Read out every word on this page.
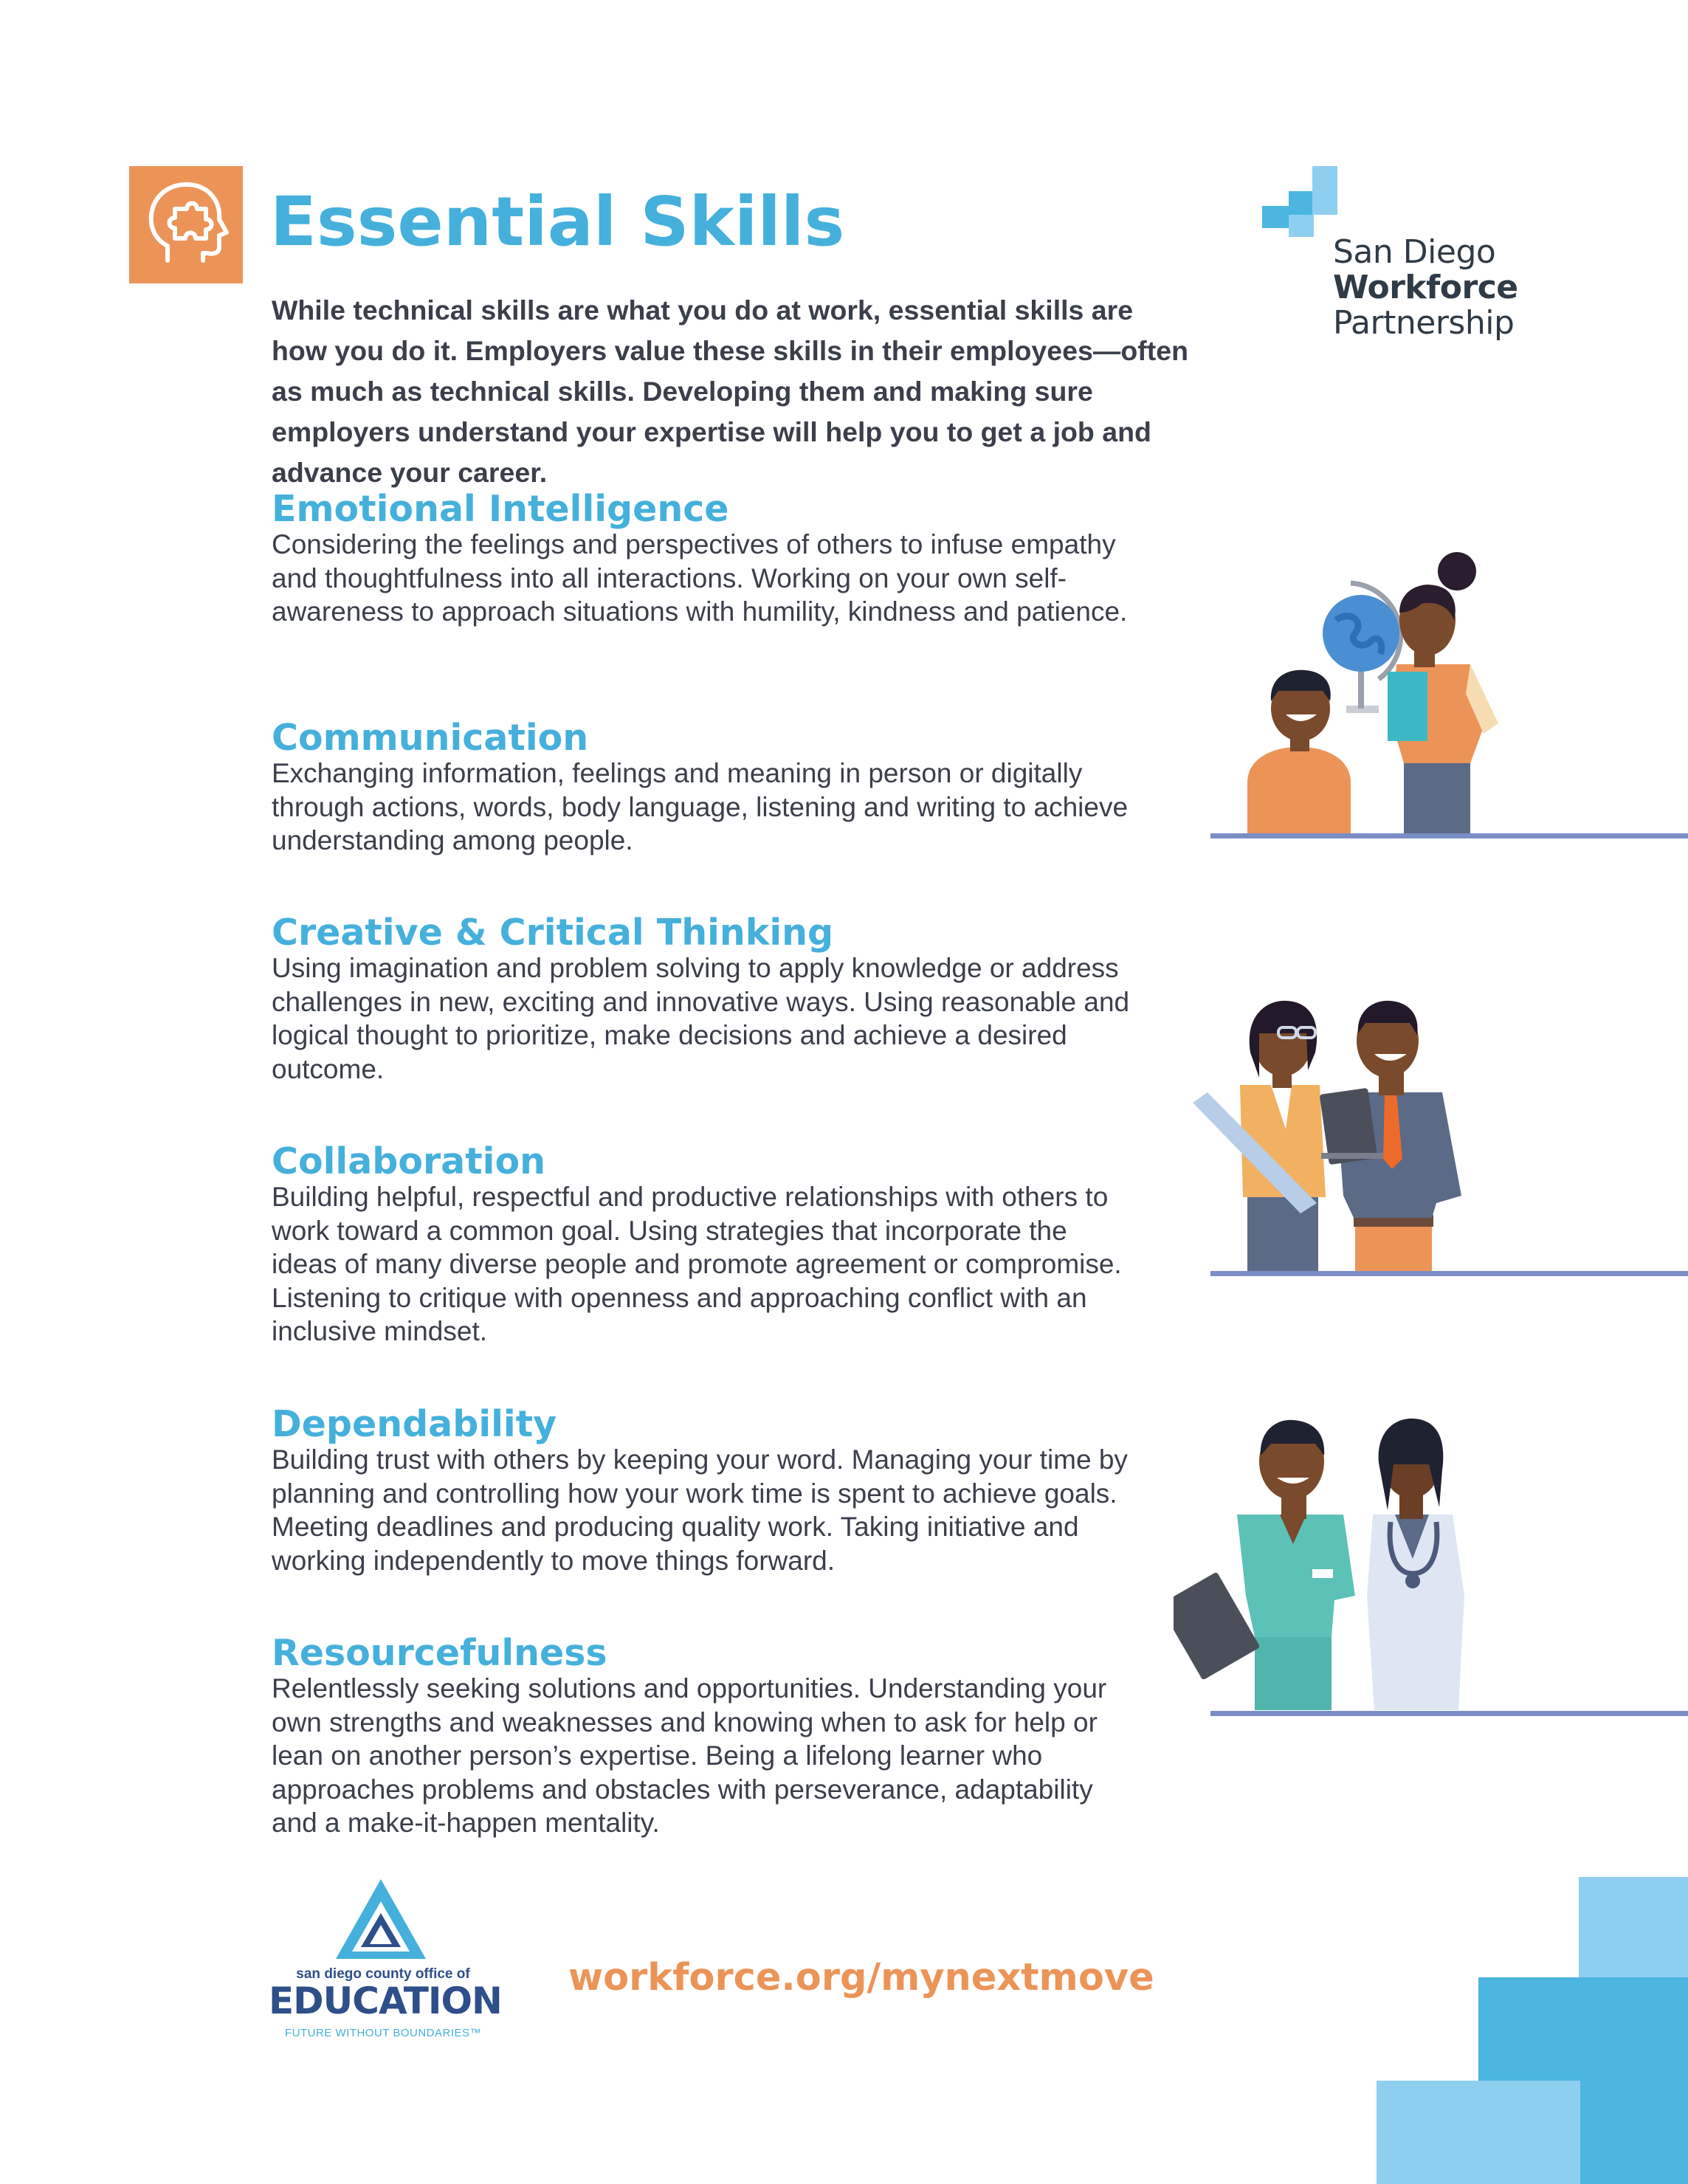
Essential Skills

While technical skills are what you do at work, essential skills are how you do it. Employers value these skills in their employees—often as much as technical skills. Developing them and making sure employers understand your expertise will help you to get a job and advance your career.

San Diego
Workforce
Partnership
Emotional Intelligence

Considering the feelings and perspectives of others to infuse empathy and thoughtfulness into all interactions. Working on your own self-awareness to approach situations with humility, kindness and patience.

Communication

Exchanging information, feelings and meaning in person or digitally through actions, words, body language, listening and writing to achieve understanding among people.

Creative & Critical Thinking

Using imagination and problem solving to apply knowledge or address challenges in new, exciting and innovative ways. Using reasonable and logical thought to prioritize, make decisions and achieve a desired outcome.

Collaboration

Building helpful, respectful and productive relationships with others to work toward a common goal. Using strategies that incorporate the ideas of many diverse people and promote agreement or compromise. Listening to critique with openness and approaching conflict with an inclusive mindset.

Dependability

Building trust with others by keeping your word. Managing your time by planning and controlling how your work time is spent to achieve goals. Meeting deadlines and producing quality work. Taking initiative and working independently to move things forward.

Resourcefulness

Relentlessly seeking solutions and opportunities. Understanding your own strengths and weaknesses and knowing when to ask for help or lean on another person’s expertise. Being a lifelong learner who approaches problems and obstacles with perseverance, adaptability and a make-it-happen mentality.

san diego county office of
EDUCATION
FUTURE WITHOUT BOUNDARIES™
workforce.org/mynextmove
